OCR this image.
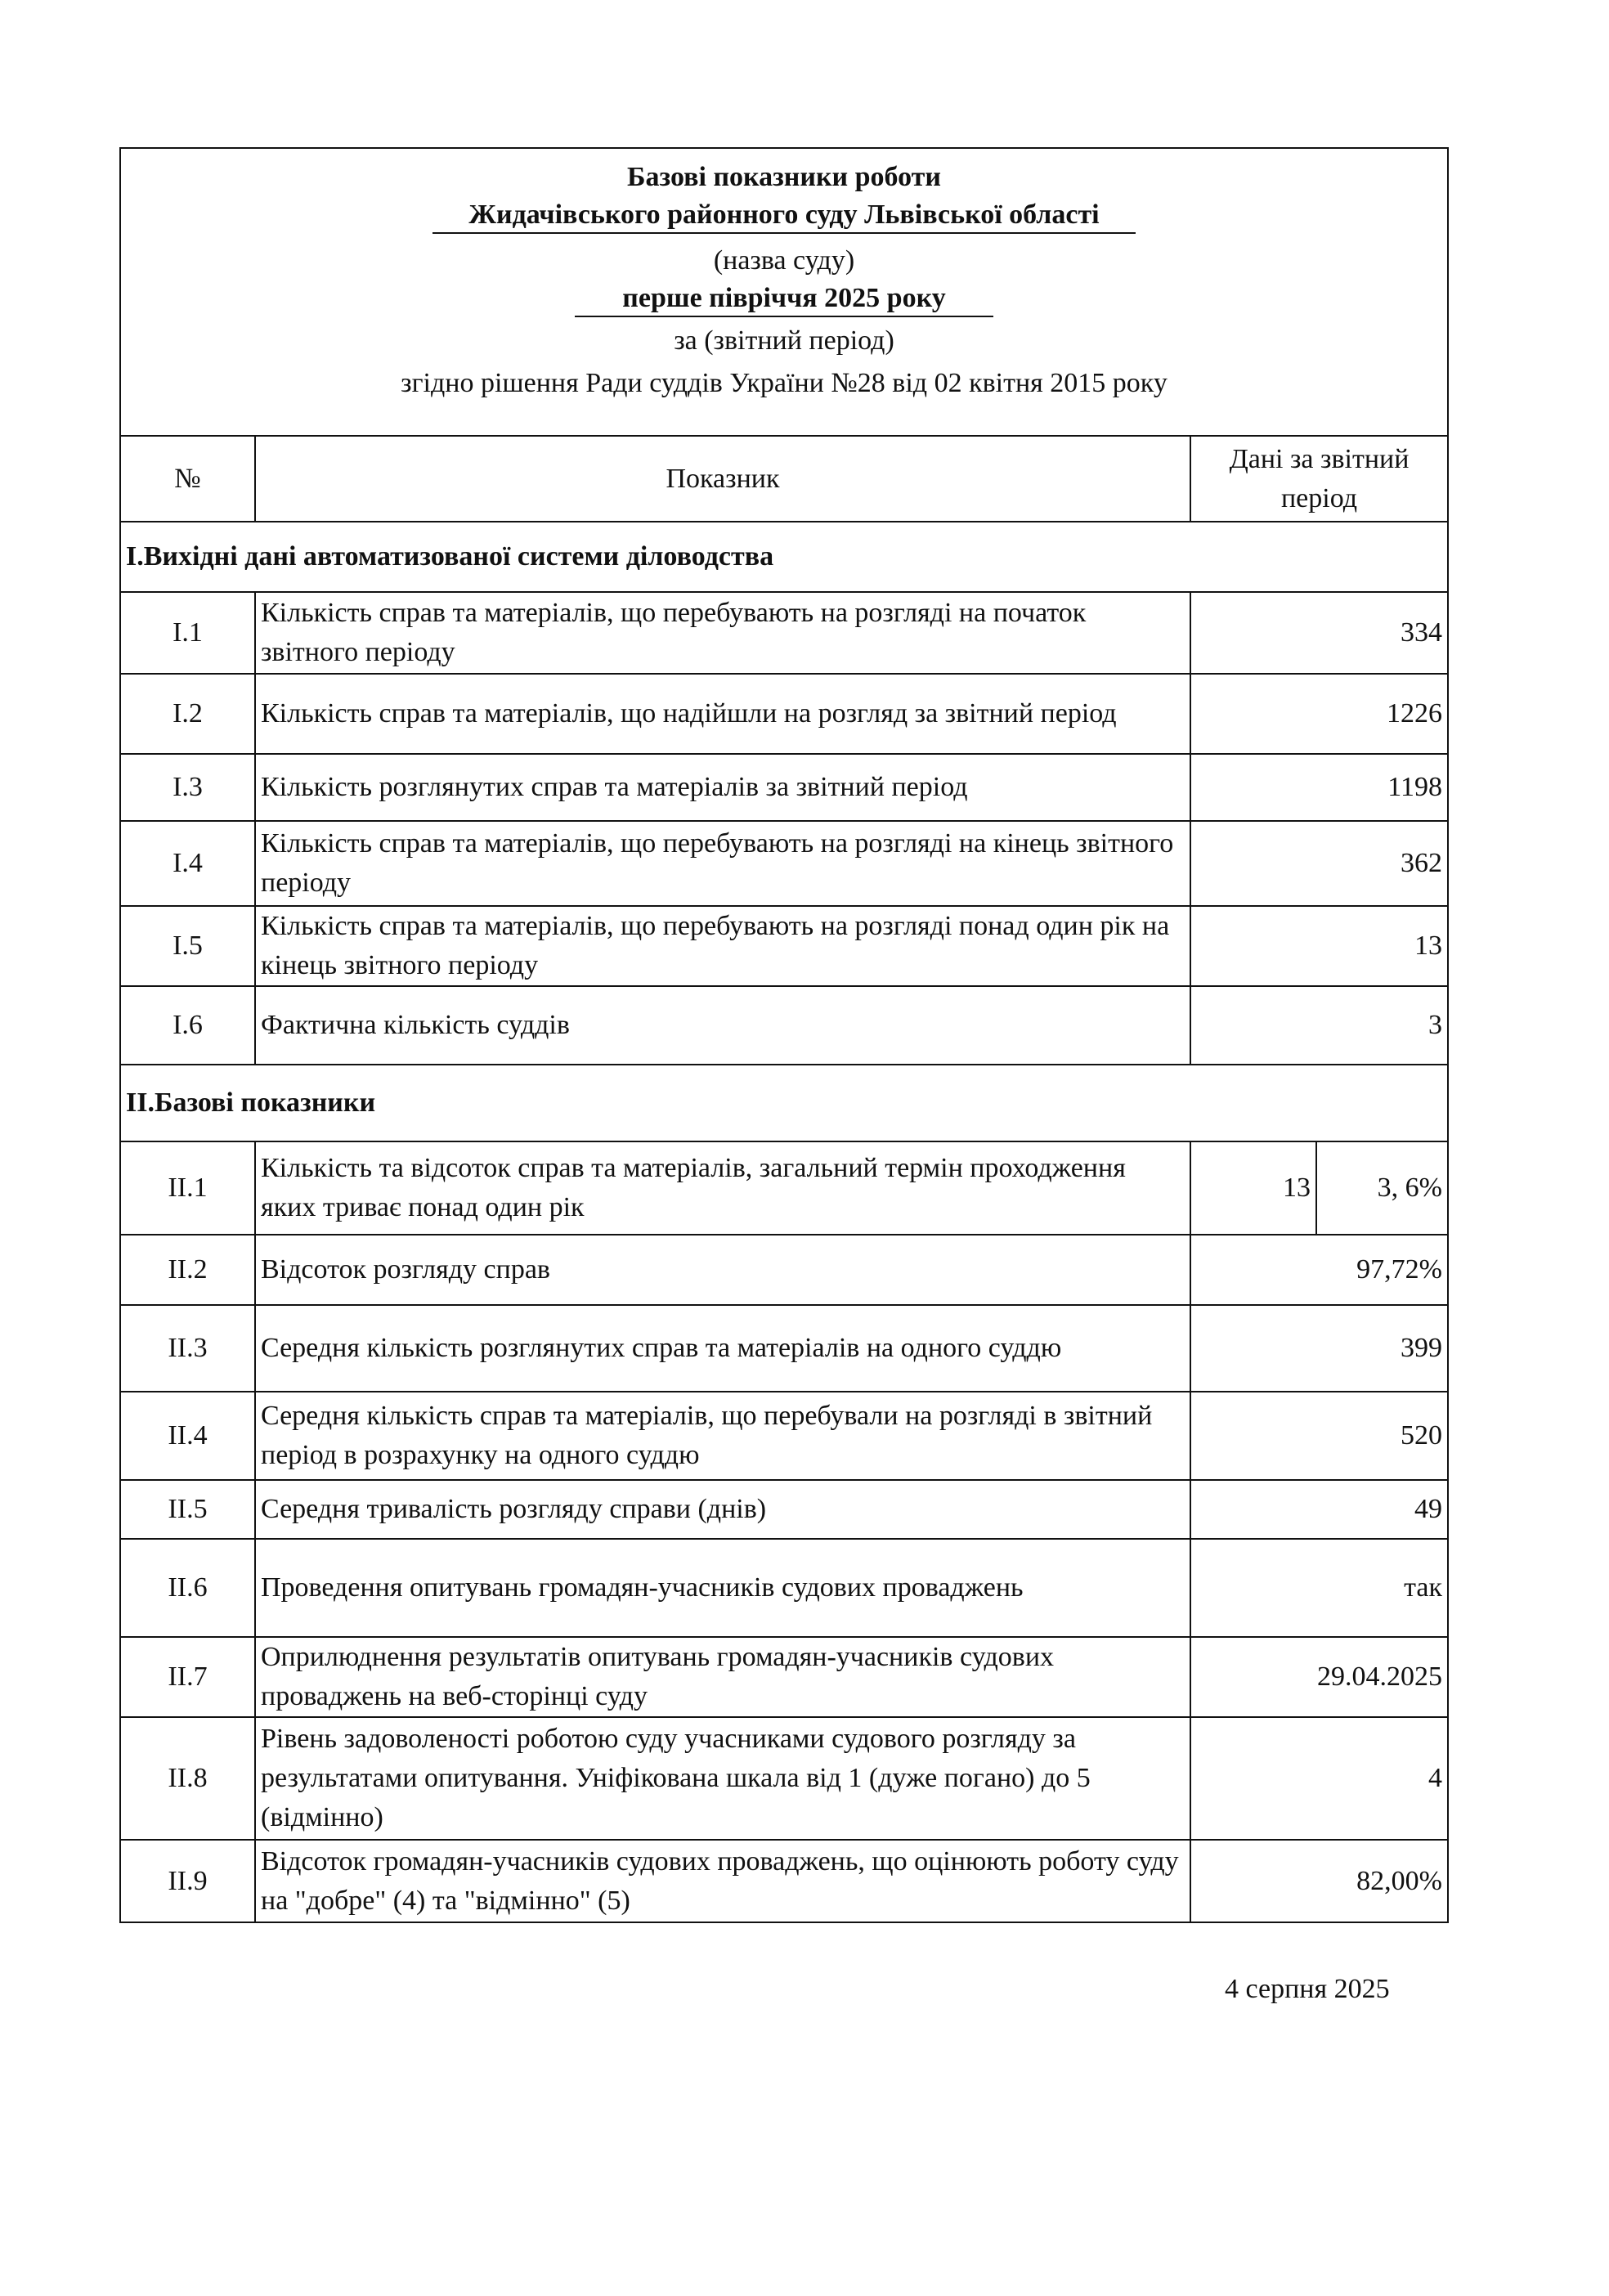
Базові показники роботи
Жидачівського районного суду Львівської області
(назва суду)
перше півріччя 2025 року
за (звітний період)
згідно рішення Ради суддів України №28 від 02 квітня 2015 року
№	Показник	Дані за звітний період	
I.Вихідні дані автоматизованої системи діловодства			
I.1	Кількість справ та матеріалів, що перебувають на розгляді на початок звітного періоду	334	
I.2	Кількість справ та матеріалів, що надійшли на розгляд за звітний період	1226	
I.3	Кількість розглянутих справ та матеріалів за звітний період	1198	
I.4	Кількість справ та матеріалів, що перебувають на розгляді на кінець звітного періоду	362	
I.5	Кількість справ та матеріалів, що перебувають на розгляді понад один рік на кінець звітного періоду	13	
I.6	Фактична кількість суддів	3	
II.Базові показники			
II.1	Кількість та відсоток справ та матеріалів, загальний термін проходження яких триває понад один рік	13	3, 6%
II.2	Відсоток розгляду справ	97,72%	
II.3	Середня кількість розглянутих справ та матеріалів на одного суддю	399	
II.4	Середня кількість справ та матеріалів, що перебували на розгляді в звітний період в розрахунку на одного суддю	520	
II.5	Середня тривалість розгляду справи (днів)	49	
II.6	Проведення опитувань громадян-учасників судових проваджень	так	
II.7	Оприлюднення результатів опитувань громадян-учасників судових проваджень на веб-сторінці суду	29.04.2025	
II.8	Рівень задоволеності роботою суду учасниками судового розгляду за результатами опитування. Уніфікована шкала від 1 (дуже погано) до 5 (відмінно)	4	
II.9	Відсоток громадян-учасників судових проваджень, що оцінюють роботу суду на "добре" (4) та "відмінно" (5)	82,00%	
4 серпня 2025
